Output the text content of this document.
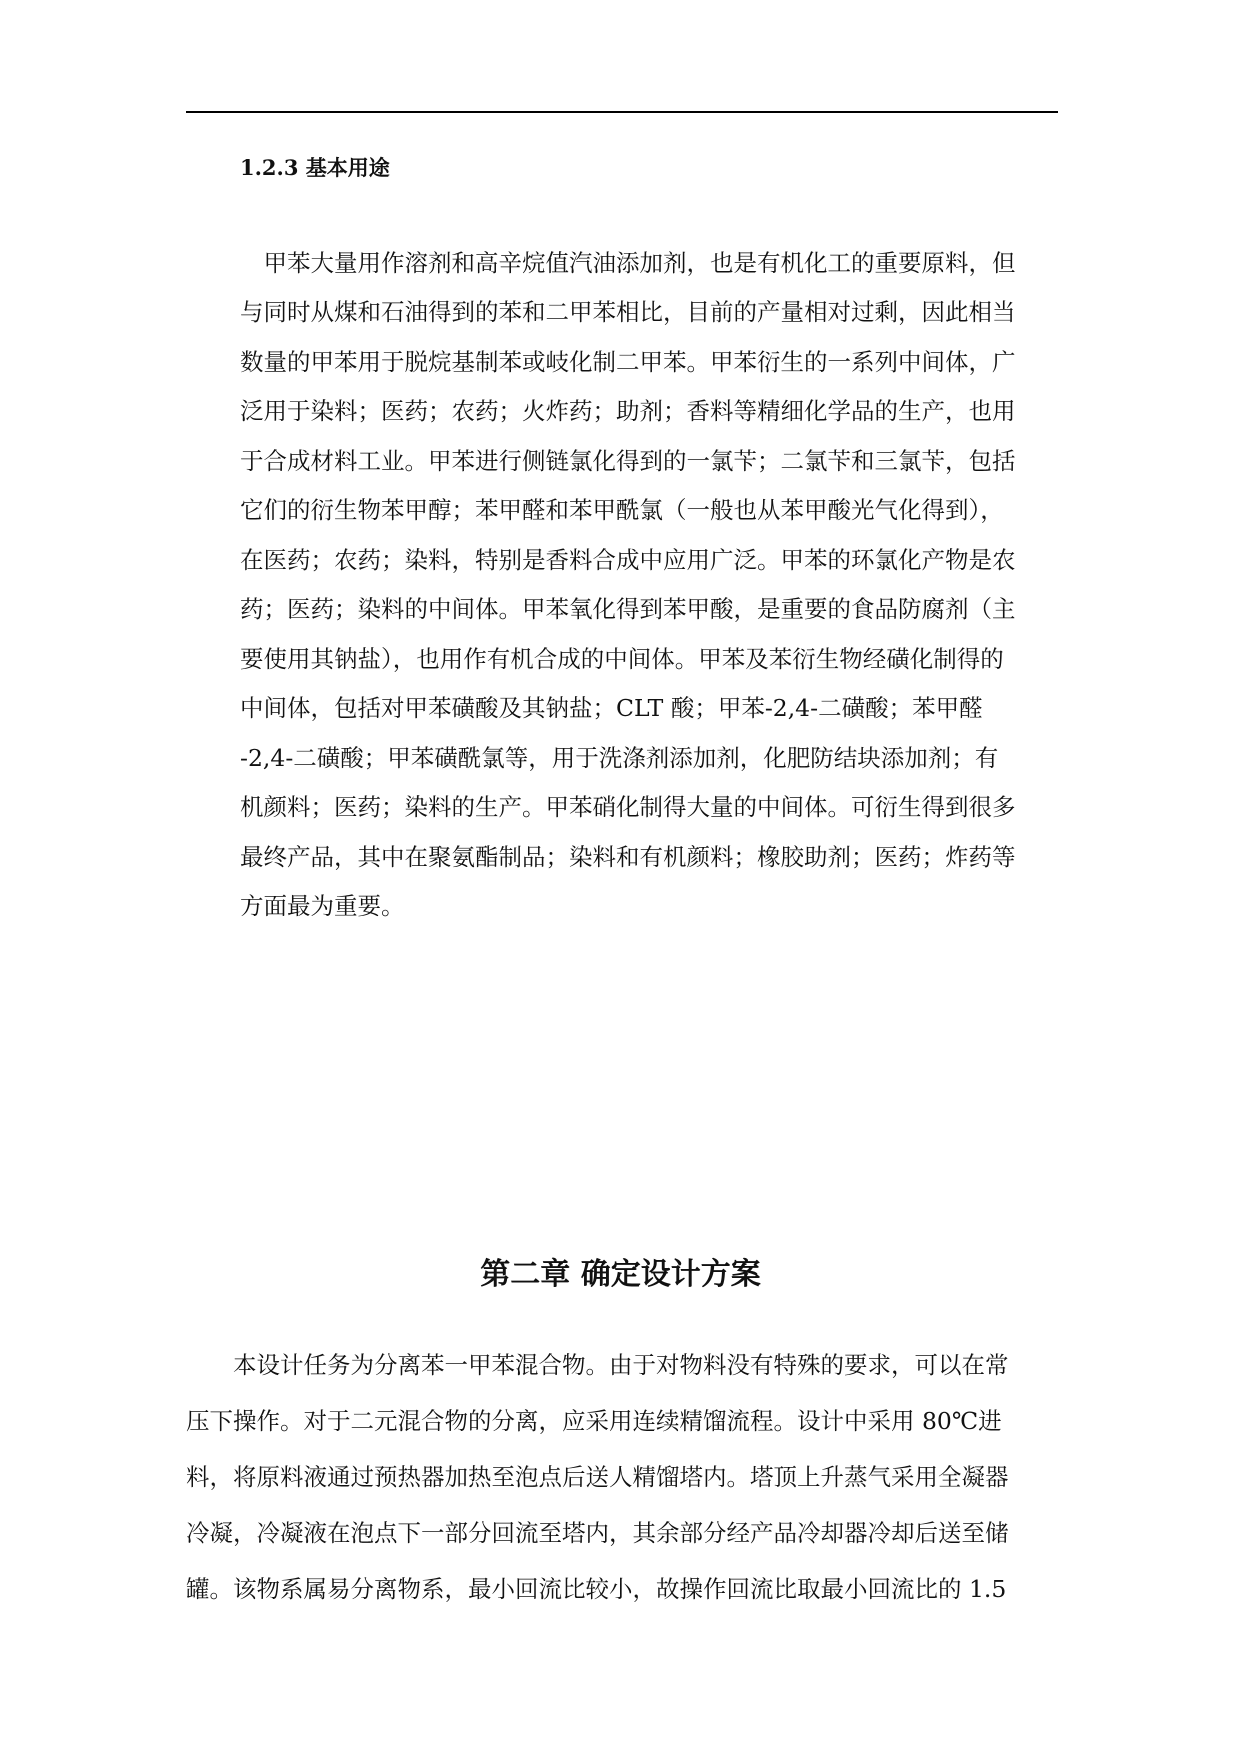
1.2.3 基本用途
　甲苯大量用作溶剂和高辛烷值汽油添加剂，也是有机化工的重要原料，但
与同时从煤和石油得到的苯和二甲苯相比，目前的产量相对过剩，因此相当
数量的甲苯用于脱烷基制苯或岐化制二甲苯。甲苯衍生的一系列中间体，广
泛用于染料；医药；农药；火炸药；助剂；香料等精细化学品的生产，也用
于合成材料工业。甲苯进行侧链氯化得到的一氯苄；二氯苄和三氯苄，包括
它们的衍生物苯甲醇；苯甲醛和苯甲酰氯（一般也从苯甲酸光气化得到），
在医药；农药；染料，特别是香料合成中应用广泛。甲苯的环氯化产物是农
药；医药；染料的中间体。甲苯氧化得到苯甲酸，是重要的食品防腐剂（主
要使用其钠盐），也用作有机合成的中间体。甲苯及苯衍生物经磺化制得的
中间体，包括对甲苯磺酸及其钠盐；CLT 酸；甲苯-2,4-二磺酸；苯甲醛
-2,4-二磺酸；甲苯磺酰氯等，用于洗涤剂添加剂，化肥防结块添加剂；有
机颜料；医药；染料的生产。甲苯硝化制得大量的中间体。可衍生得到很多
最终产品，其中在聚氨酯制品；染料和有机颜料；橡胶助剂；医药；炸药等
方面最为重要。
第二章 确定设计方案
　　本设计任务为分离苯一甲苯混合物。由于对物料没有特殊的要求，可以在常
压下操作。对于二元混合物的分离，应采用连续精馏流程。设计中采用 80℃进
料，将原料液通过预热器加热至泡点后送人精馏塔内。塔顶上升蒸气采用全凝器
冷凝，冷凝液在泡点下一部分回流至塔内，其余部分经产品冷却器冷却后送至储
罐。该物系属易分离物系，最小回流比较小，故操作回流比取最小回流比的 1.5
